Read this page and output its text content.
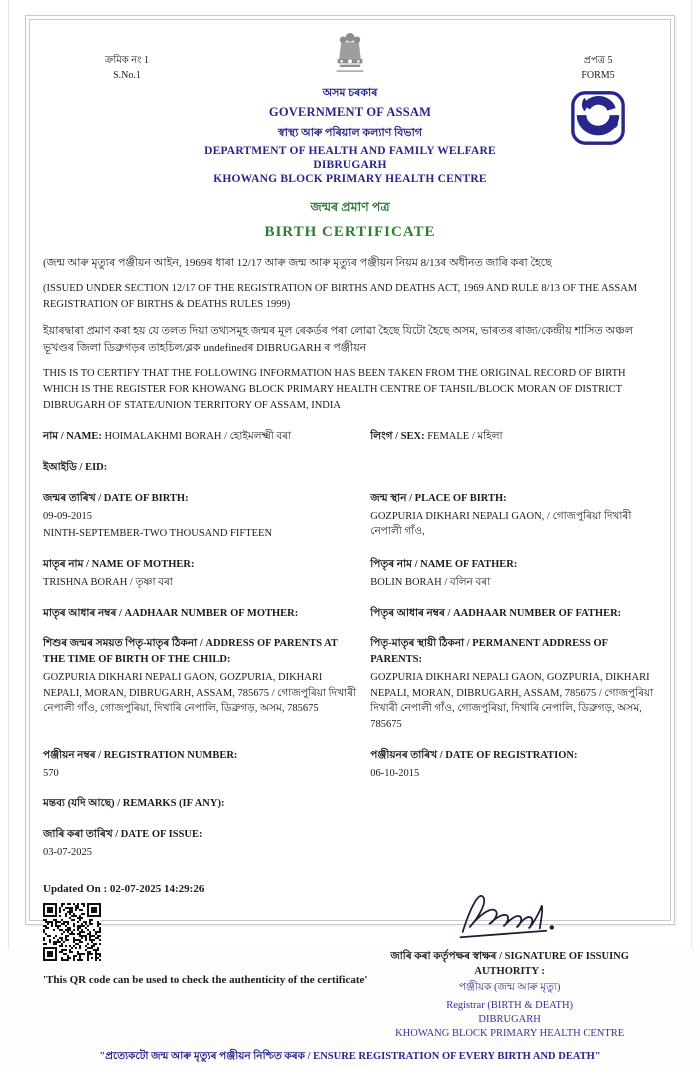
ক্ৰমিক নং 1
S.No.1
প্ৰপত্ৰ 5
FORM5
অসম চৰকাৰ
GOVERNMENT OF ASSAM
স্বাস্থ্য আৰু পৰিয়াল কল্যাণ বিভাগ
DEPARTMENT OF HEALTH AND FAMILY WELFARE
DIBRUGARH
KHOWANG BLOCK PRIMARY HEALTH CENTRE
জন্মৰ প্ৰমাণ পত্ৰ
BIRTH CERTIFICATE

(জন্ম আৰু মৃত্যুৰ পঞ্জীয়ন আইন, 1969ৰ ধাৰা 12/17 আৰু জন্ম আৰু মৃত্যুৰ পঞ্জীয়ন নিয়ম 8/13ৰ অধীনত জাৰি কৰা হৈছে

(ISSUED UNDER SECTION 12/17 OF THE REGISTRATION OF BIRTHS AND DEATHS ACT, 1969 AND RULE 8/13 OF THE ASSAM REGISTRATION OF BIRTHS & DEATHS RULES 1999)

ইয়াৰদ্বাৰা প্ৰমাণ কৰা হয় যে তলত দিয়া তথ্যসমূহ জন্মৰ মূল ৰেকৰ্ডৰ পৰা লোৱা হৈছে যিটো হৈছে অসম, ভাৰতৰ ৰাজ্য/কেন্দ্ৰীয় শাসিত অঞ্চল ভূখণ্ডৰ জিলা ডিব্ৰুগড়ৰ তাহচিল/ব্লক undefinedৰ DIBRUGARH ৰ পঞ্জীয়ন

THIS IS TO CERTIFY THAT THE FOLLOWING INFORMATION HAS BEEN TAKEN FROM THE ORIGINAL RECORD OF BIRTH WHICH IS THE REGISTER FOR KHOWANG BLOCK PRIMARY HEALTH CENTRE OF TAHSIL/BLOCK MORAN OF DISTRICT DIBRUGARH OF STATE/UNION TERRITORY OF ASSAM, INDIA

নাম / NAME: HOIMALAKHMI BORAH / হোইমলক্ষ্মী বৰা	লিংগ / SEX: FEMALE / মহিলা
ইআইডি / EID:
জন্মৰ তাৰিখ / DATE OF BIRTH:
09-09-2015
NINTH-SEPTEMBER-TWO THOUSAND FIFTEEN
জন্ম স্থান / PLACE OF BIRTH:
GOZPURIA DIKHARI NEPALI GAON, / গোজপুৰিয়া দিখাৰী নেপালী গাঁও,
মাতৃৰ নাম / NAME OF MOTHER:
TRISHNA BORAH / তৃষ্ণা বৰা
পিতৃৰ নাম / NAME OF FATHER:
BOLIN BORAH / বলিন বৰা
মাতৃৰ আধাৰ নম্বৰ / AADHAAR NUMBER OF MOTHER:	পিতৃৰ আধাৰ নম্বৰ / AADHAAR NUMBER OF FATHER:
শিশুৰ জন্মৰ সময়ত পিতৃ-মাতৃৰ ঠিকনা / ADDRESS OF PARENTS AT THE TIME OF BIRTH OF THE CHILD:
GOZPURIA DIKHARI NEPALI GAON, GOZPURIA, DIKHARI NEPALI, MORAN, DIBRUGARH, ASSAM, 785675 / গোজপুৰিয়া দিখাৰী নেপালী গাঁও, গোজপুৰিয়া, দিখাৰি নেপালি, ডিব্ৰুগড়, অসম, 785675
পিতৃ-মাতৃৰ স্থায়ী ঠিকনা / PERMANENT ADDRESS OF PARENTS:
GOZPURIA DIKHARI NEPALI GAON, GOZPURIA, DIKHARI NEPALI, MORAN, DIBRUGARH, ASSAM, 785675 / গোজপুৰিয়া দিখাৰী নেপালী গাঁও, গোজপুৰিয়া, দিখাৰি নেপালি, ডিব্ৰুগড়, অসম, 785675
পঞ্জীয়ন নম্বৰ / REGISTRATION NUMBER:
570
পঞ্জীয়নৰ তাৰিখ / DATE OF REGISTRATION:
06-10-2015
মন্তব্য (যদি আছে) / REMARKS (IF ANY):
জাৰি কৰা তাৰিখ / DATE OF ISSUE:
03-07-2025
Updated On : 02-07-2025 14:29:26
'This QR code can be used to check the authenticity of the certificate'
জাৰি কৰা কৰ্তৃপক্ষৰ স্বাক্ষৰ / SIGNATURE OF ISSUING AUTHORITY :
পঞ্জীয়ক (জন্ম আৰু মৃত্যু)
Registrar (BIRTH & DEATH)
DIBRUGARH
KHOWANG BLOCK PRIMARY HEALTH CENTRE
"প্ৰত্যেকটো জন্ম আৰু মৃত্যুৰ পঞ্জীয়ন নিশ্চিত কৰক / ENSURE REGISTRATION OF EVERY BIRTH AND DEATH"
